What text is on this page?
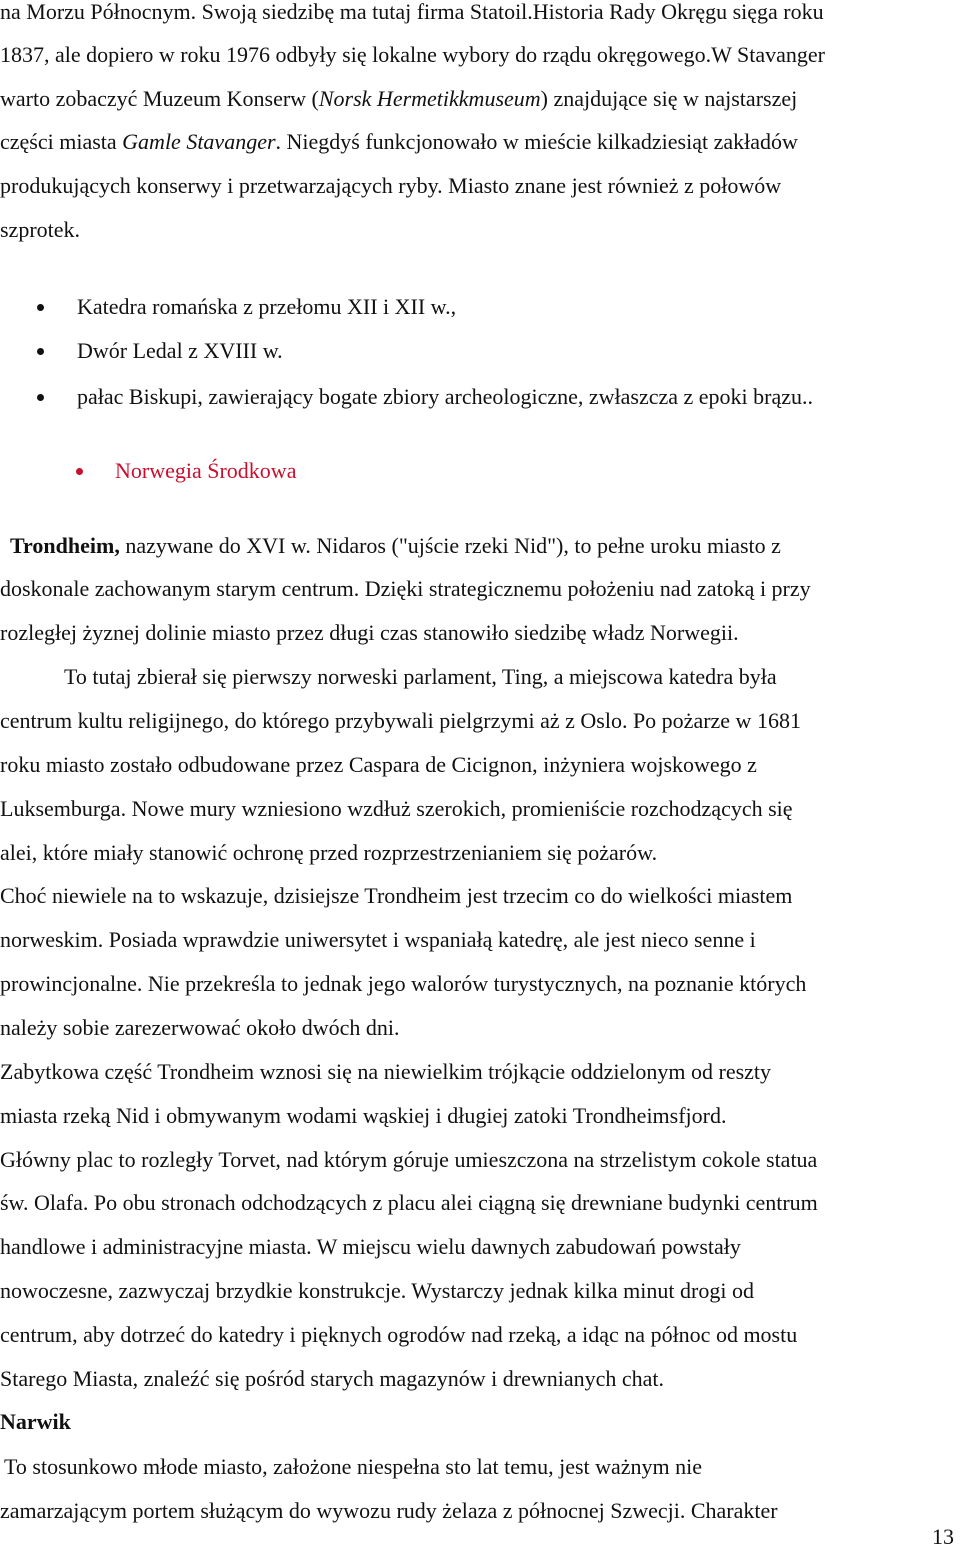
na Morzu Północnym. Swoją siedzibę ma tutaj firma Statoil.Historia Rady Okręgu sięga roku
1837, ale dopiero w roku 1976 odbyły się lokalne wybory do rządu okręgowego.W Stavanger
warto zobaczyć Muzeum Konserw (Norsk Hermetikkmuseum) znajdujące się w najstarszej
części miasta Gamle Stavanger. Niegdyś funkcjonowało w mieście kilkadziesiąt zakładów
produkujących konserwy i przetwarzających ryby. Miasto znane jest również z połowów
szprotek.
Katedra romańska z przełomu XII i XII w.,
Dwór Ledal z XVIII w.
pałac Biskupi, zawierający bogate zbiory archeologiczne, zwłaszcza z epoki brązu..
Norwegia Środkowa
Trondheim, nazywane do XVI w. Nidaros ("ujście rzeki Nid"), to pełne uroku miasto z
doskonale zachowanym starym centrum. Dzięki strategicznemu położeniu nad zatoką i przy
rozległej żyznej dolinie miasto przez długi czas stanowiło siedzibę władz Norwegii.
To tutaj zbierał się pierwszy norweski parlament, Ting, a miejscowa katedra była
centrum kultu religijnego, do którego przybywali pielgrzymi aż z Oslo. Po pożarze w 1681
roku miasto zostało odbudowane przez Caspara de Cicignon, inżyniera wojskowego z
Luksemburga. Nowe mury wzniesiono wzdłuż szerokich, promieniście rozchodzących się
alei, które miały stanowić ochronę przed rozprzestrzenianiem się pożarów.
Choć niewiele na to wskazuje, dzisiejsze Trondheim jest trzecim co do wielkości miastem
norweskim. Posiada wprawdzie uniwersytet i wspaniałą katedrę, ale jest nieco senne i
prowincjonalne. Nie przekreśla to jednak jego walorów turystycznych, na poznanie których
należy sobie zarezerwować około dwóch dni.
Zabytkowa część Trondheim wznosi się na niewielkim trójkącie oddzielonym od reszty
miasta rzeką Nid i obmywanym wodami wąskiej i długiej zatoki Trondheimsfjord.
Główny plac to rozległy Torvet, nad którym góruje umieszczona na strzelistym cokole statua
św. Olafa. Po obu stronach odchodzących z placu alei ciągną się drewniane budynki centrum
handlowe i administracyjne miasta. W miejscu wielu dawnych zabudowań powstały
nowoczesne, zazwyczaj brzydkie konstrukcje. Wystarczy jednak kilka minut drogi od
centrum, aby dotrzeć do katedry i pięknych ogrodów nad rzeką, a idąc na północ od mostu
Starego Miasta, znaleźć się pośród starych magazynów i drewnianych chat.
Narwik
To stosunkowo młode miasto, założone niespełna sto lat temu, jest ważnym nie
zamarzającym portem służącym do wywozu rudy żelaza z północnej Szwecji. Charakter
13
